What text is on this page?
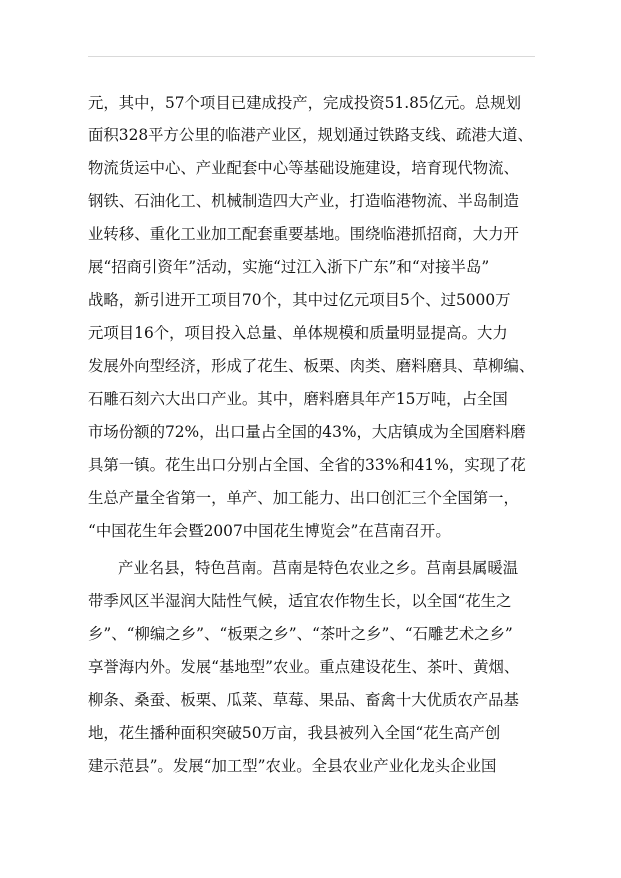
元，其中，57个项目已建成投产，完成投资51.85亿元。总规划
面积328平方公里的临港产业区，规划通过铁路支线、疏港大道、
物流货运中心、产业配套中心等基础设施建设，培育现代物流、
钢铁、石油化工、机械制造四大产业，打造临港物流、半岛制造
业转移、重化工业加工配套重要基地。围绕临港抓招商，大力开
展“招商引资年”活动，实施“过江入浙下广东”和“对接半岛”
战略，新引进开工项目70个，其中过亿元项目5个、过5000万
元项目16个，项目投入总量、单体规模和质量明显提高。大力
发展外向型经济，形成了花生、板栗、肉类、磨料磨具、草柳编、
石雕石刻六大出口产业。其中，磨料磨具年产15万吨，占全国
市场份额的72%，出口量占全国的43%，大店镇成为全国磨料磨
具第一镇。花生出口分别占全国、全省的33%和41%，实现了花
生总产量全省第一，单产、加工能力、出口创汇三个全国第一，
“中国花生年会暨2007中国花生博览会”在莒南召开。
产业名县，特色莒南。莒南是特色农业之乡。莒南县属暖温
带季风区半湿润大陆性气候，适宜农作物生长，以全国“花生之
乡”、“柳编之乡”、“板栗之乡”、“茶叶之乡”、“石雕艺术之乡”
享誉海内外。发展“基地型”农业。重点建设花生、茶叶、黄烟、
柳条、桑蚕、板栗、瓜菜、草莓、果品、畜禽十大优质农产品基
地，花生播种面积突破50万亩，我县被列入全国“花生高产创
建示范县”。发展“加工型”农业。全县农业产业化龙头企业国
